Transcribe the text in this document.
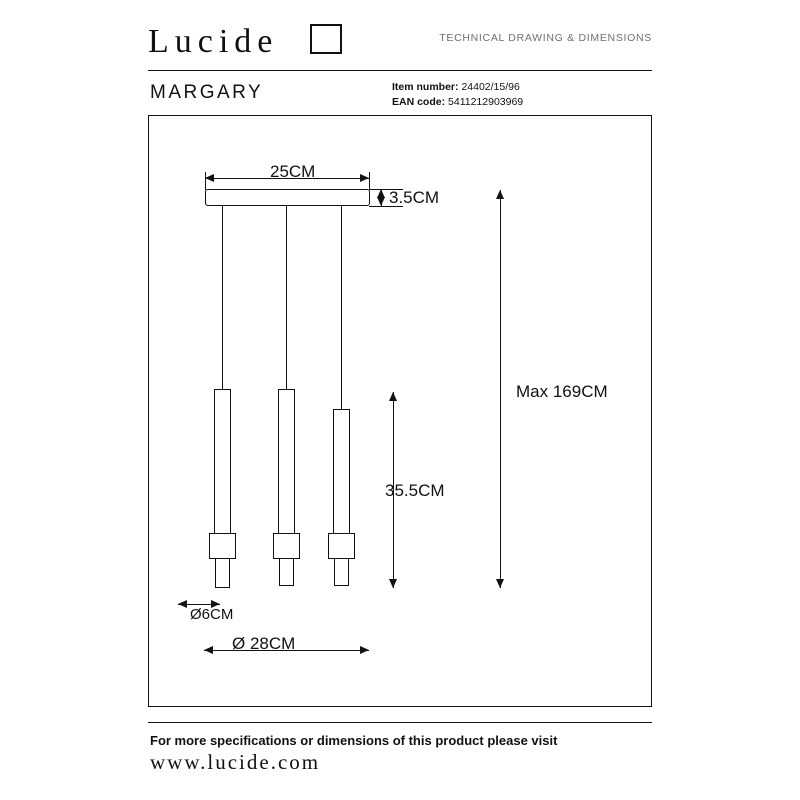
Lucide	TECHNICAL DRAWING & DIMENSIONS
MARGARY	Item number: 24402/15/96
EAN code: 5411212903969
25CM
3.5CM
Max 169CM
35.5CM
Ø6CM
Ø 28CM
For more specifications or dimensions of this product please visit
www.lucide.com
